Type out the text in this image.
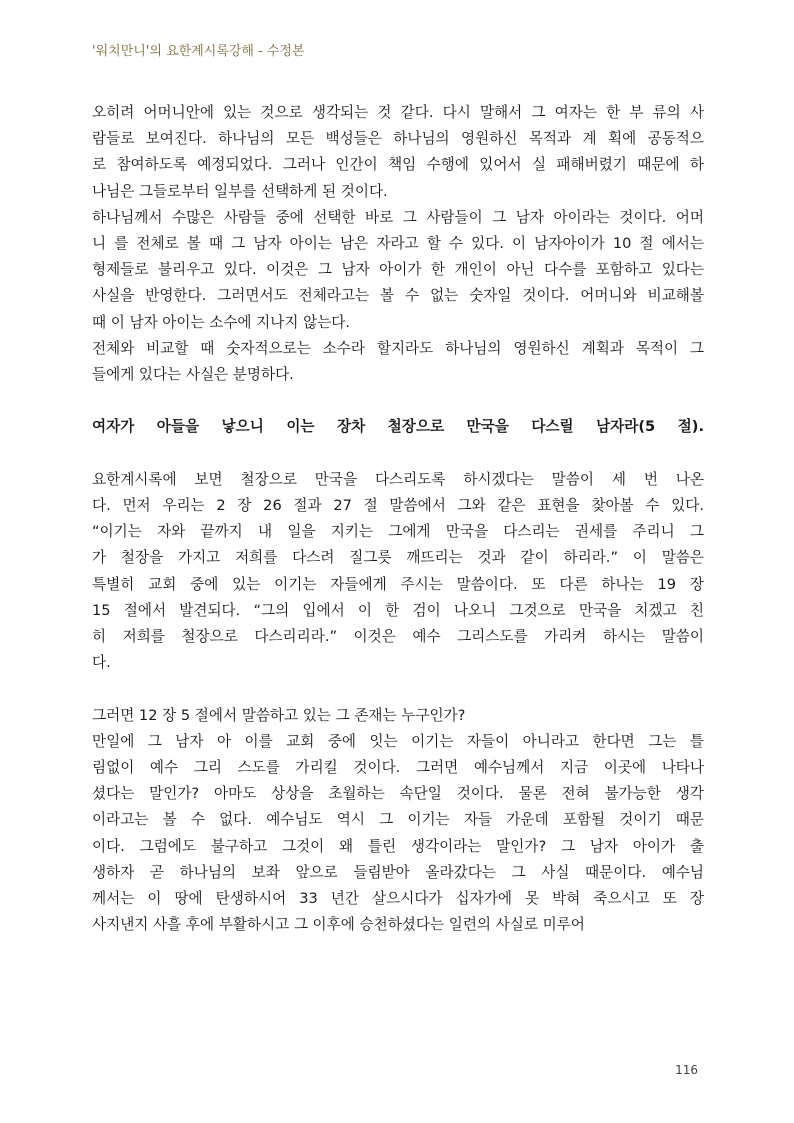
'워치만니'의 요한계시록강해 - 수정본

오히려 어머니안에 있는 것으로 생각되는 것 같다. 다시 말해서 그 여자는 한 부 류의 사
람들로 보여진다. 하나님의 모든 백성들은 하나님의 영원하신 목적과 계 획에 공동적으
로 참여하도록 예정되었다. 그러나 인간이 책임 수행에 있어서 실 패해버렸기 때문에 하
나님은 그들로부터 일부를 선택하게 된 것이다.

하나님께서 수많은 사람들 중에 선택한 바로 그 사람들이 그 남자 아이라는 것이다. 어머
니 를 전체로 볼 때 그 남자 아이는 남은 자라고 할 수 있다. 이 남자아이가 10 절 에서는
형제들로 불리우고 있다. 이것은 그 남자 아이가 한 개인이 아닌 다수를 포함하고 있다는
사실을 반영한다. 그러면서도 전체라고는 볼 수 없는 숫자일 것이다. 어머니와 비교해볼
때 이 남자 아이는 소수에 지나지 않는다.

전체와 비교할 때 숫자적으로는 소수라 할지라도 하나님의 영원하신 계획과 목적이 그
들에게 있다는 사실은 분명하다.

여자가 아들을 낳으니 이는 장차 철장으로 만국을 다스릴 남자라(5 절).

요한계시록에 보면 철장으로 만국을 다스리도록 하시겠다는 말씀이 세 번 나온
다. 먼저 우리는 2 장 26 절과 27 절 말씀에서 그와 같은 표현을 찾아볼 수 있다.
“이기는 자와 끝까지 내 일을 지키는 그에게 만국을 다스리는 권세를 주리니 그
가 철장을 가지고 저희를 다스려 질그릇 깨뜨리는 것과 같이 하리라.” 이 말씀은
특별히 교회 중에 있는 이기는 자들에게 주시는 말씀이다. 또 다른 하나는 19 장
15 절에서 발견되다. “그의 입에서 이 한 검이 나오니 그것으로 만국을 치겠고 친
히 저희를 철장으로 다스리리라.” 이것은 예수 그리스도를 가리켜 하시는 말씀이
다.

그러면 12 장 5 절에서 말씀하고 있는 그 존재는 누구인가?

만일에 그 남자 아 이를 교회 중에 잇는 이기는 자들이 아니라고 한다면 그는 틀
림없이 예수 그리 스도를 가리킬 것이다. 그러면 예수님께서 지금 이곳에 나타나
셨다는 말인가? 아마도 상상을 초월하는 속단일 것이다. 물론 전혀 불가능한 생각
이라고는 볼 수 없다. 예수님도 역시 그 이기는 자들 가운데 포함될 것이기 때문
이다. 그럼에도 불구하고 그것이 왜 틀린 생각이라는 말인가? 그 남자 아이가 출
생하자 곧 하나님의 보좌 앞으로 들림받아 올라갔다는 그 사실 때문이다. 예수님
께서는 이 땅에 탄생하시어 33 년간 살으시다가 십자가에 못 박혀 죽으시고 또 장
사지낸지 사흘 후에 부활하시고 그 이후에 승천하셨다는 일련의 사실로 미루어

116
